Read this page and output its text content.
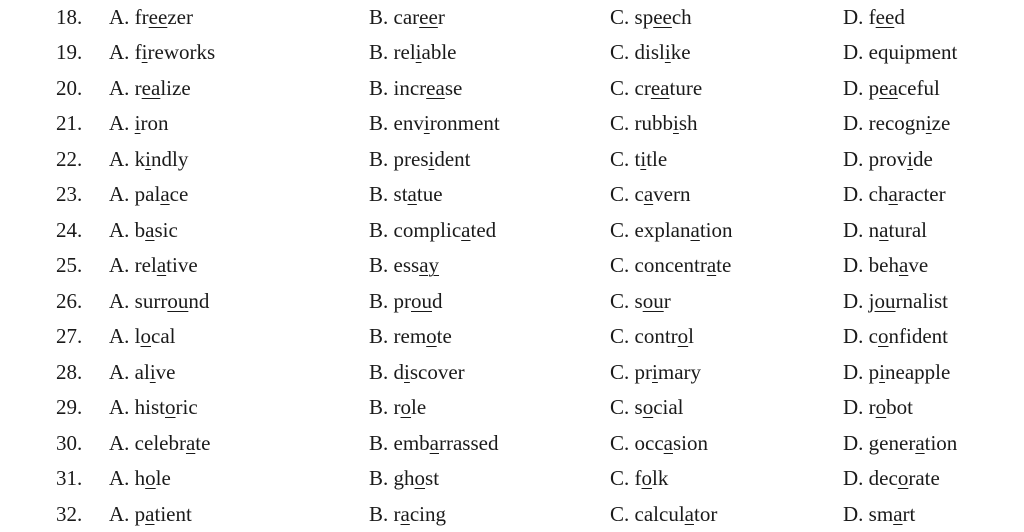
18. A. freezer	B. career	C. speech	D. feed
19. A. fireworks	B. reliable	C. dislike	D. equipment
20. A. realize	B. increase	C. creature	D. peaceful
21. A. iron	B. environment	C. rubbish	D. recognize
22. A. kindly	B. president	C. title	D. provide
23. A. palace	B. statue	C. cavern	D. character
24. A. basic	B. complicated	C. explanation	D. natural
25. A. relative	B. essay	C. concentrate	D. behave
26. A. surround	B. proud	C. sour	D. journalist
27. A. local	B. remote	C. control	D. confident
28. A. alive	B. discover	C. primary	D. pineapple
29. A. historic	B. role	C. social	D. robot
30. A. celebrate	B. embarrassed	C. occasion	D. generation
31. A. hole	B. ghost	C. folk	D. decorate
32. A. patient	B. racing	C. calculator	D. smart
